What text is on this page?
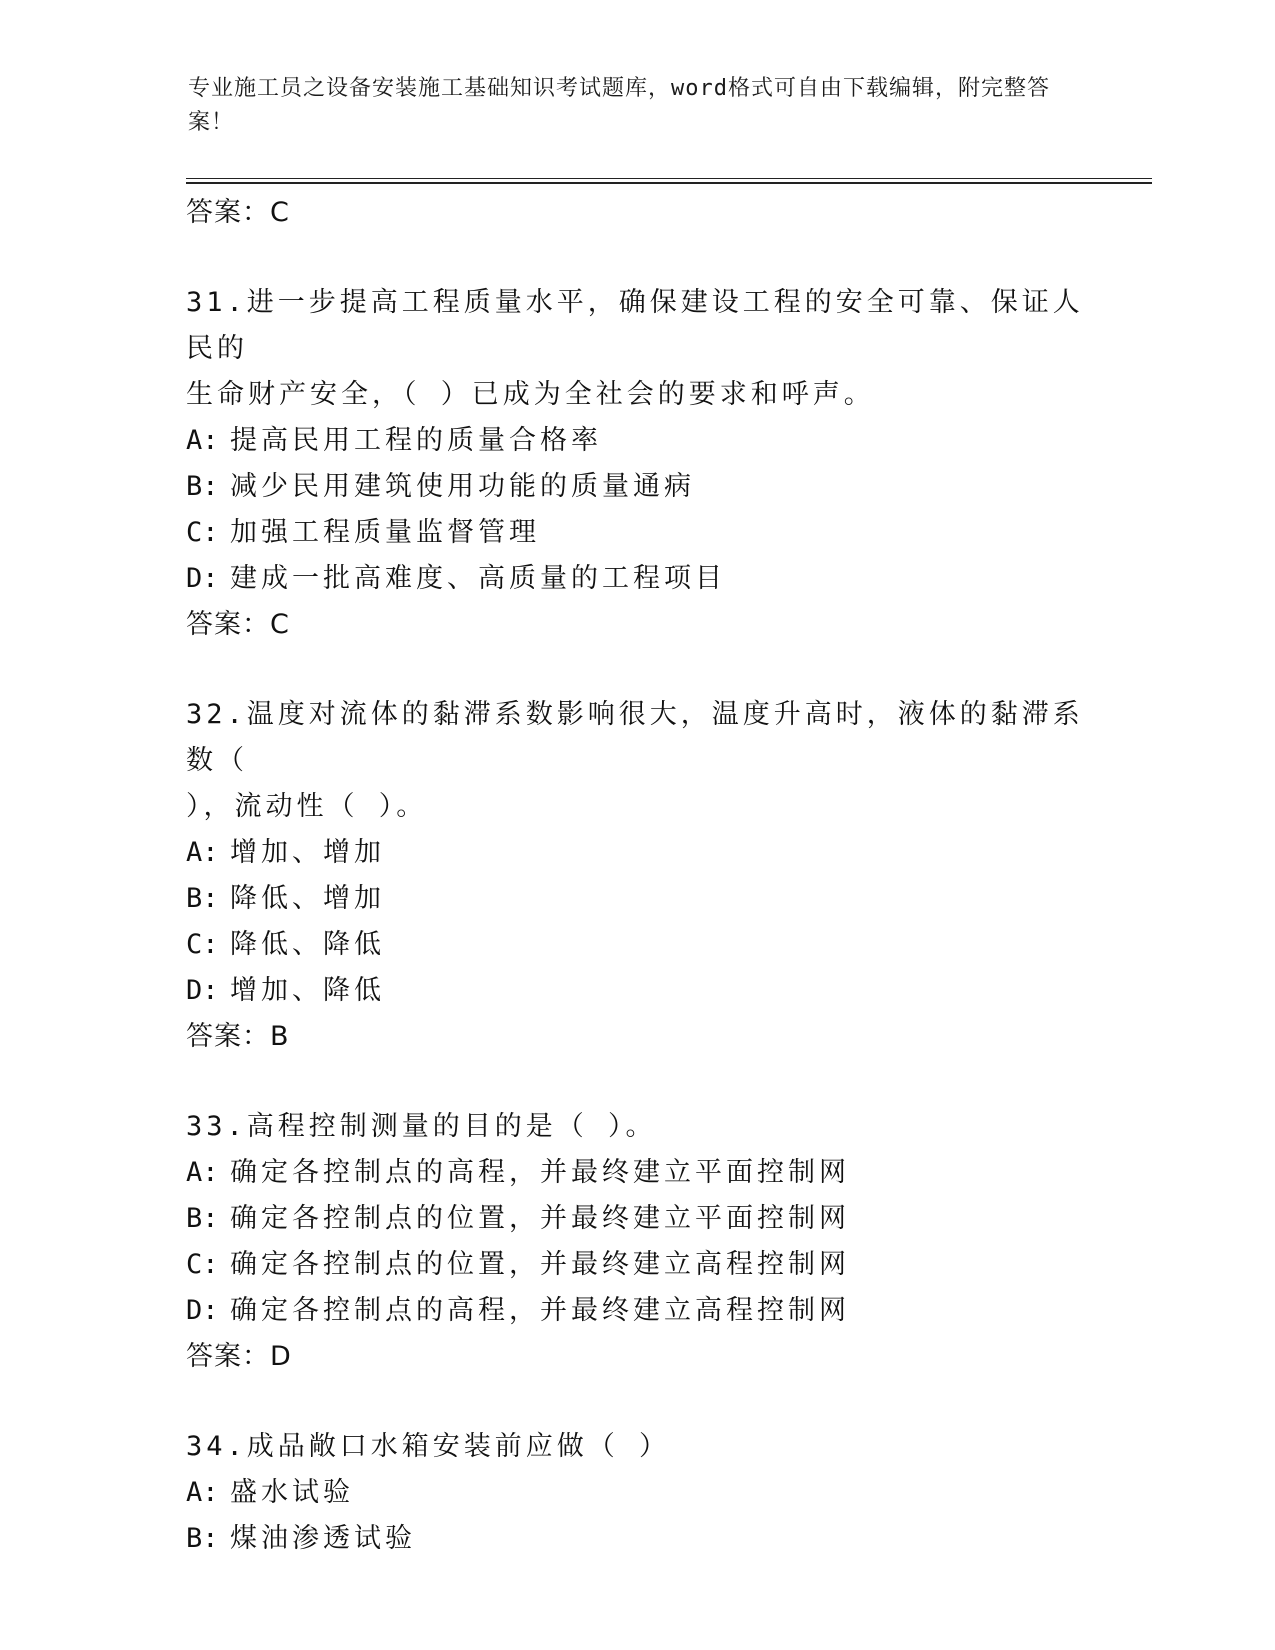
专业施工员之设备安装施工基础知识考试题库，word格式可自由下载编辑，附完整答案！
答案：C
31.进一步提高工程质量水平，确保建设工程的安全可靠、保证人民的
生命财产安全，（ ）已成为全社会的要求和呼声。
A: 提高民用工程的质量合格率
B: 减少民用建筑使用功能的质量通病
C: 加强工程质量监督管理
D: 建成一批高难度、高质量的工程项目
答案：C
32.温度对流体的黏滞系数影响很大，温度升高时，液体的黏滞系数（
），流动性（ ）。
A: 增加、增加
B: 降低、增加
C: 降低、降低
D: 增加、降低
答案：B
33.高程控制测量的目的是（ ）。
A: 确定各控制点的高程，并最终建立平面控制网
B: 确定各控制点的位置，并最终建立平面控制网
C: 确定各控制点的位置，并最终建立高程控制网
D: 确定各控制点的高程，并最终建立高程控制网
答案：D
34.成品敞口水箱安装前应做（ ）
A: 盛水试验
B: 煤油渗透试验
